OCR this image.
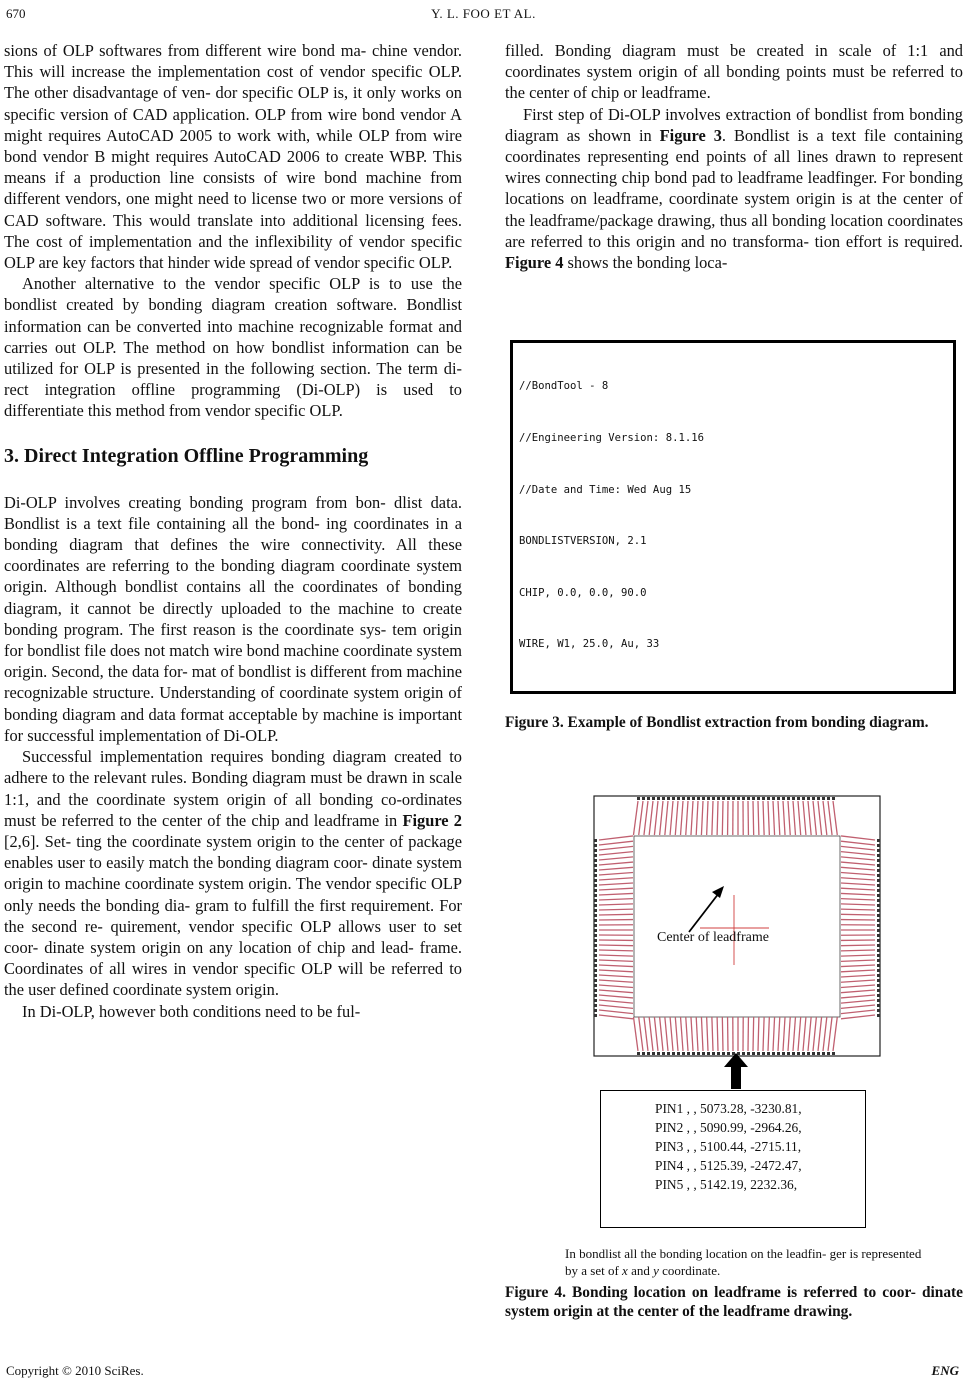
670	Y. L. FOO ET AL.

sions of OLP softwares from different wire bond ma- chine vendor. This will increase the implementation cost of vendor specific OLP. The other disadvantage of ven- dor specific OLP is, it only works on specific version of CAD application. OLP from wire bond vendor A might requires AutoCAD 2005 to work with, while OLP from wire bond vendor B might requires AutoCAD 2006 to create WBP. This means if a production line consists of wire bond machine from different vendors, one might need to license two or more versions of CAD software. This would translate into additional licensing fees. The cost of implementation and the inflexibility of vendor specific OLP are key factors that hinder wide spread of vendor specific OLP.

Another alternative to the vendor specific OLP is to use the bondlist created by bonding diagram creation software. Bondlist information can be converted into machine recognizable format and carries out OLP. The method on how bondlist information can be utilized for OLP is presented in the following section. The term di- rect integration offline programming (Di-OLP) is used to differentiate this method from vendor specific OLP.

3. Direct Integration Offline Programming

Di-OLP involves creating bonding program from bon- dlist data. Bondlist is a text file containing all the bond- ing coordinates in a bonding diagram that defines the wire connectivity. All these coordinates are referring to the bonding diagram coordinate system origin. Although bondlist contains all the coordinates of bonding diagram, it cannot be directly uploaded to the machine to create bonding program. The first reason is the coordinate sys- tem origin for bondlist file does not match wire bond machine coordinate system origin. Second, the data for- mat of bondlist is different from machine recognizable structure. Understanding of coordinate system origin of bonding diagram and data format acceptable by machine is important for successful implementation of Di-OLP.

Successful implementation requires bonding diagram created to adhere to the relevant rules. Bonding diagram must be drawn in scale 1:1, and the coordinate system origin of all bonding co-ordinates must be referred to the center of the chip and leadframe in Figure 2 [2,6]. Set- ting the coordinate system origin to the center of package enables user to easily match the bonding diagram coor- dinate system origin to machine coordinate system origin. The vendor specific OLP only needs the bonding dia- gram to fulfill the first requirement. For the second re- quirement, vendor specific OLP allows user to set coor- dinate system origin on any location of chip and lead- frame. Coordinates of all wires in vendor specific OLP will be referred to the user defined coordinate system origin.

In Di-OLP, however both conditions need to be ful-

filled. Bonding diagram must be created in scale of 1:1 and coordinates system origin of all bonding points must be referred to the center of chip or leadframe.

First step of Di-OLP involves extraction of bondlist from bonding diagram as shown in Figure 3. Bondlist is a text file containing coordinates representing end points of all lines drawn to represent wires connecting chip bond pad to leadframe leadfinger. For bonding locations on leadframe, coordinate system origin is at the center of the leadframe/package drawing, thus all bonding location coordinates are referred to this origin and no transforma- tion effort is required. Figure 4 shows the bonding loca-

//BondTool - 8

//Engineering Version: 8.1.16

//Date and Time: Wed Aug 15

BONDLISTVERSION, 2.1

CHIP, 0.0, 0.0, 90.0

WIRE, W1, 25.0, Au, 33

Figure 3. Example of Bondlist extraction from bonding diagram.
Center of leadframe
PIN1 , , 5073.28, -3230.81,
PIN2 , , 5090.99, -2964.26,
PIN3 , , 5100.44, -2715.11,
PIN4 , , 5125.39, -2472.47,
PIN5 , , 5142.19, 2232.36,
In bondlist all the bonding location on the leadfin- ger is represented by a set of x and y coordinate.
Figure 4. Bonding location on leadframe is referred to coor- dinate system origin at the center of the leadframe drawing.
Copyright © 2010 SciRes.	ENG
